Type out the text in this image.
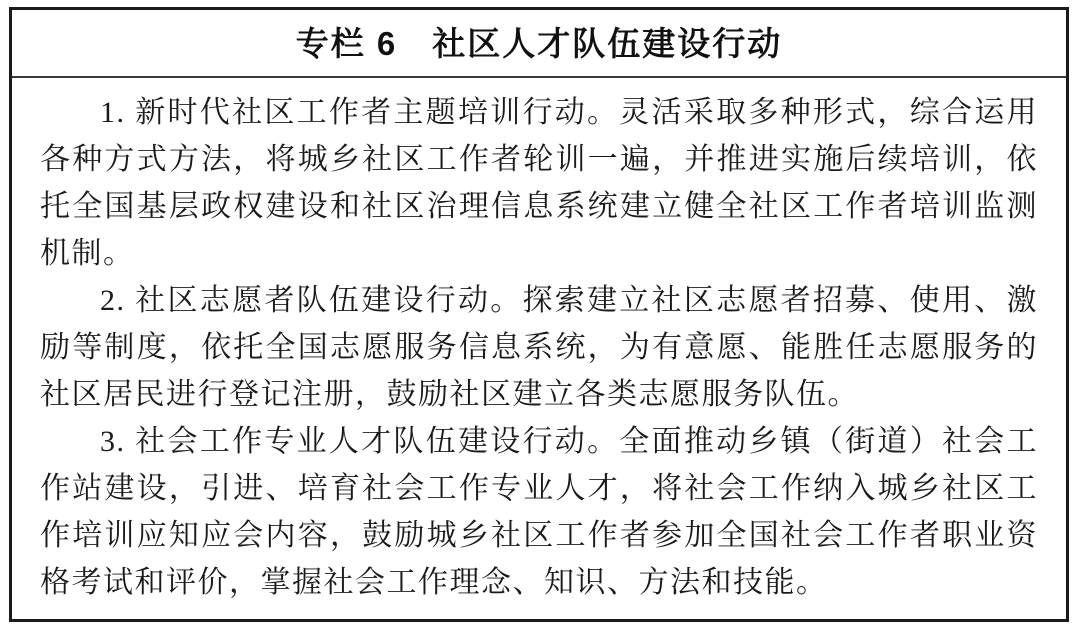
专栏 6　社区人才队伍建设行动

1. 新时代社区工作者主题培训行动。灵活采取多种形式，综合运用各种方式方法，将城乡社区工作者轮训一遍，并推进实施后续培训，依托全国基层政权建设和社区治理信息系统建立健全社区工作者培训监测机制。

2. 社区志愿者队伍建设行动。探索建立社区志愿者招募、使用、激励等制度，依托全国志愿服务信息系统，为有意愿、能胜任志愿服务的社区居民进行登记注册，鼓励社区建立各类志愿服务队伍。

3. 社会工作专业人才队伍建设行动。全面推动乡镇（街道）社会工作站建设，引进、培育社会工作专业人才，将社会工作纳入城乡社区工作培训应知应会内容，鼓励城乡社区工作者参加全国社会工作者职业资格考试和评价，掌握社会工作理念、知识、方法和技能。
